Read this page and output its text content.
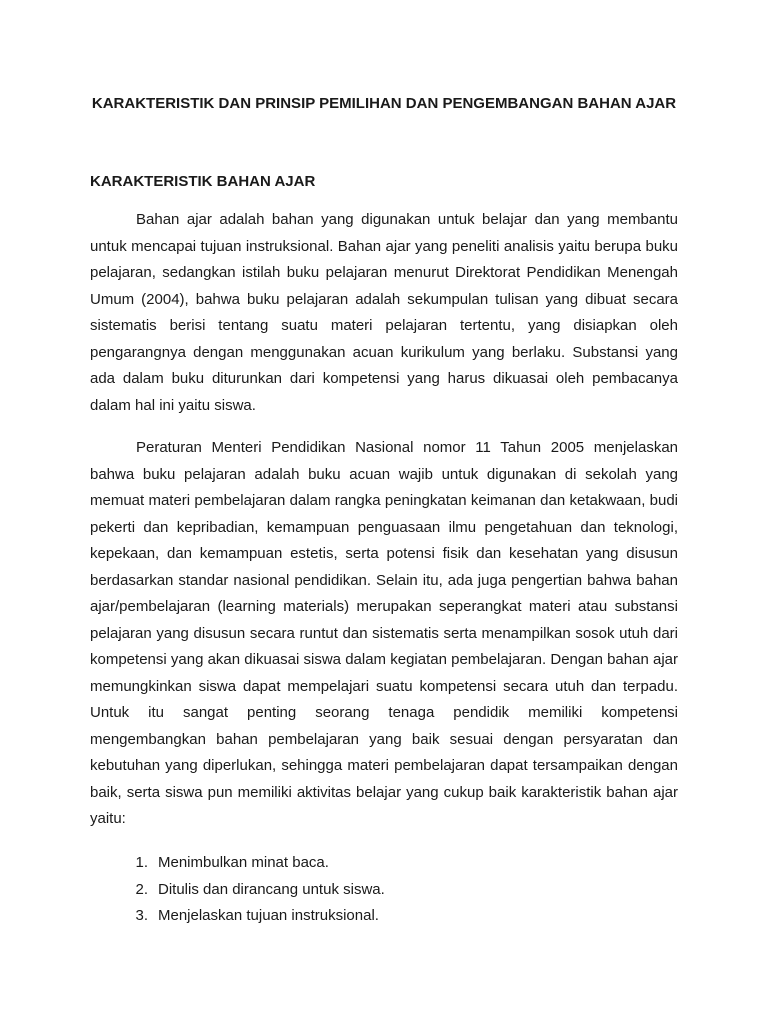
KARAKTERISTIK DAN PRINSIP PEMILIHAN DAN PENGEMBANGAN BAHAN AJAR
KARAKTERISTIK BAHAN AJAR

Bahan ajar adalah bahan yang digunakan untuk belajar dan yang membantu untuk mencapai tujuan instruksional. Bahan ajar yang peneliti analisis yaitu berupa buku pelajaran, sedangkan istilah buku pelajaran menurut Direktorat Pendidikan Menengah Umum (2004), bahwa buku pelajaran adalah sekumpulan tulisan yang dibuat secara sistematis berisi tentang suatu materi pelajaran tertentu, yang disiapkan oleh pengarangnya dengan menggunakan acuan kurikulum yang berlaku. Substansi yang ada dalam buku diturunkan dari kompetensi yang harus dikuasai oleh pembacanya dalam hal ini yaitu siswa.

Peraturan Menteri Pendidikan Nasional nomor 11 Tahun 2005 menjelaskan bahwa buku pelajaran adalah buku acuan wajib untuk digunakan di sekolah yang memuat materi pembelajaran dalam rangka peningkatan keimanan dan ketakwaan, budi pekerti dan kepribadian, kemampuan penguasaan ilmu pengetahuan dan teknologi, kepekaan, dan kemampuan estetis, serta potensi fisik dan kesehatan yang disusun berdasarkan standar nasional pendidikan. Selain itu, ada juga pengertian bahwa bahan ajar/pembelajaran (learning materials) merupakan seperangkat materi atau substansi pelajaran yang disusun secara runtut dan sistematis serta menampilkan sosok utuh dari kompetensi yang akan dikuasai siswa dalam kegiatan pembelajaran. Dengan bahan ajar memungkinkan siswa dapat mempelajari suatu kompetensi secara utuh dan terpadu. Untuk itu sangat penting seorang tenaga pendidik memiliki kompetensi mengembangkan bahan pembelajaran yang baik sesuai dengan persyaratan dan kebutuhan yang diperlukan, sehingga materi pembelajaran dapat tersampaikan dengan baik, serta siswa pun memiliki aktivitas belajar yang cukup baik karakteristik bahan ajar yaitu:

1. Menimbulkan minat baca.
2. Ditulis dan dirancang untuk siswa.
3. Menjelaskan tujuan instruksional.
